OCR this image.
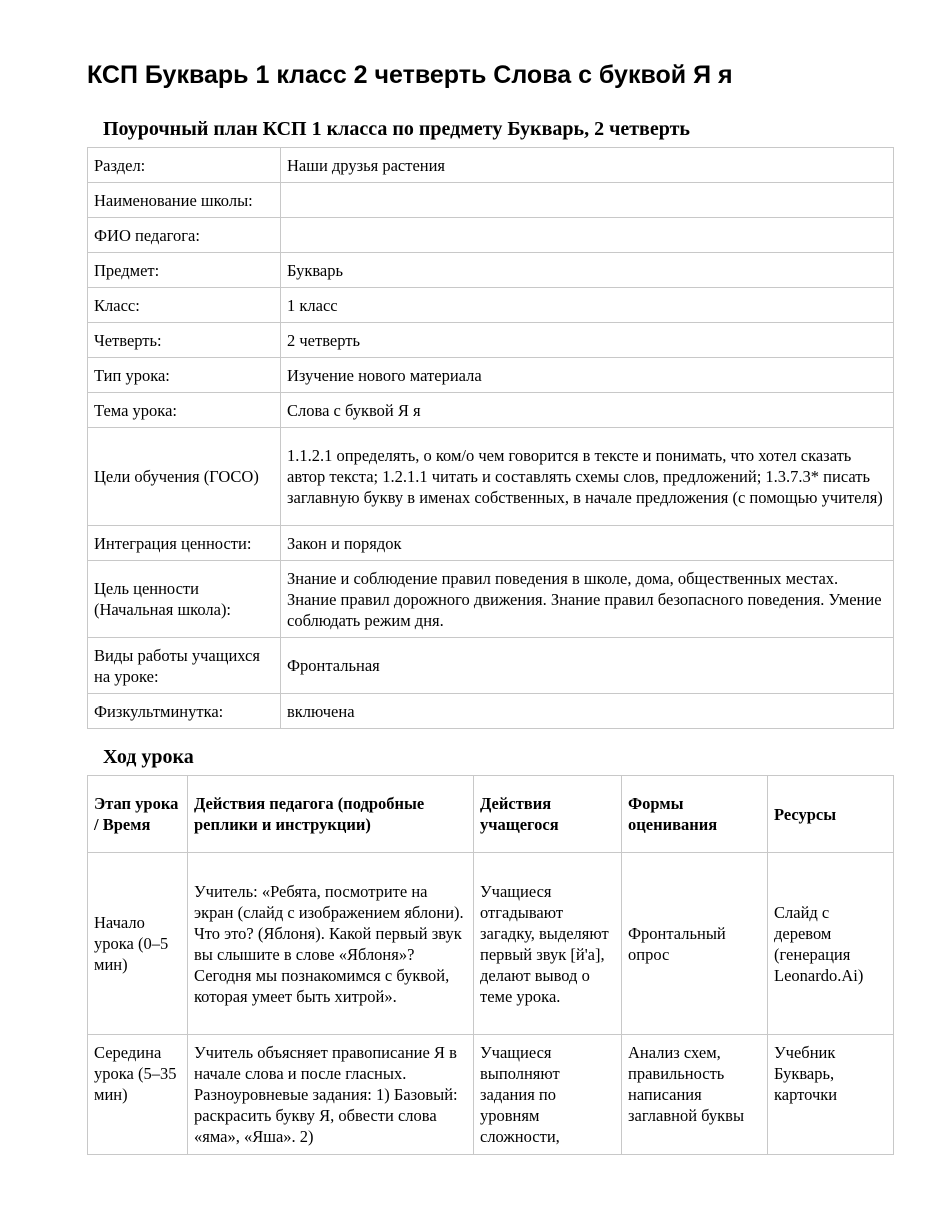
КСП Букварь 1 класс 2 четверть Слова с буквой Я я
Поурочный план КСП 1 класса по предмету Букварь, 2 четверть
Раздел:	Наши друзья растения
Наименование школы:	
ФИО педагога:	
Предмет:	Букварь
Класс:	1 класс
Четверть:	2 четверть
Тип урока:	Изучение нового материала
Тема урока:	Слова с буквой Я я
Цели обучения (ГОСО)	1.1.2.1 определять, о ком/о чем говорится в тексте и понимать, что хотел сказать автор текста; 1.2.1.1 читать и составлять схемы слов, предложений; 1.3.7.3* писать заглавную букву в именах собственных, в начале предложения (с помощью учителя)
Интеграция ценности:	Закон и порядок
Цель ценности (Начальная школа):	Знание и соблюдение правил поведения в школе, дома, общественных местах. Знание правил дорожного движения. Знание правил безопасного поведения. Умение соблюдать режим дня.
Виды работы учащихся на уроке:	Фронтальная
Физкультминутка:	включена
Ход урока
Этап урока / Время	Действия педагога (подробные реплики и инструкции)	Действия учащегося	Формы оценивания	Ресурсы
Начало урока (0–5 мин)	Учитель: «Ребята, посмотрите на экран (слайд с изображением яблони). Что это? (Яблоня). Какой первый звук вы слышите в слове «Яблоня»? Сегодня мы познакомимся с буквой, которая умеет быть хитрой».	Учащиеся отгадывают загадку, выделяют первый звук [й'а], делают вывод о теме урока.	Фронтальный опрос	Слайд с деревом (генерация Leonardo.Ai)
Середина урока (5–35 мин)	Учитель объясняет правописание Я в начале слова и после гласных. Разноуровневые задания: 1) Базовый: раскрасить букву Я, обвести слова «яма», «Яша». 2)	Учащиеся выполняют задания по уровням сложности,	Анализ схем, правильность написания заглавной буквы	Учебник Букварь, карточки
